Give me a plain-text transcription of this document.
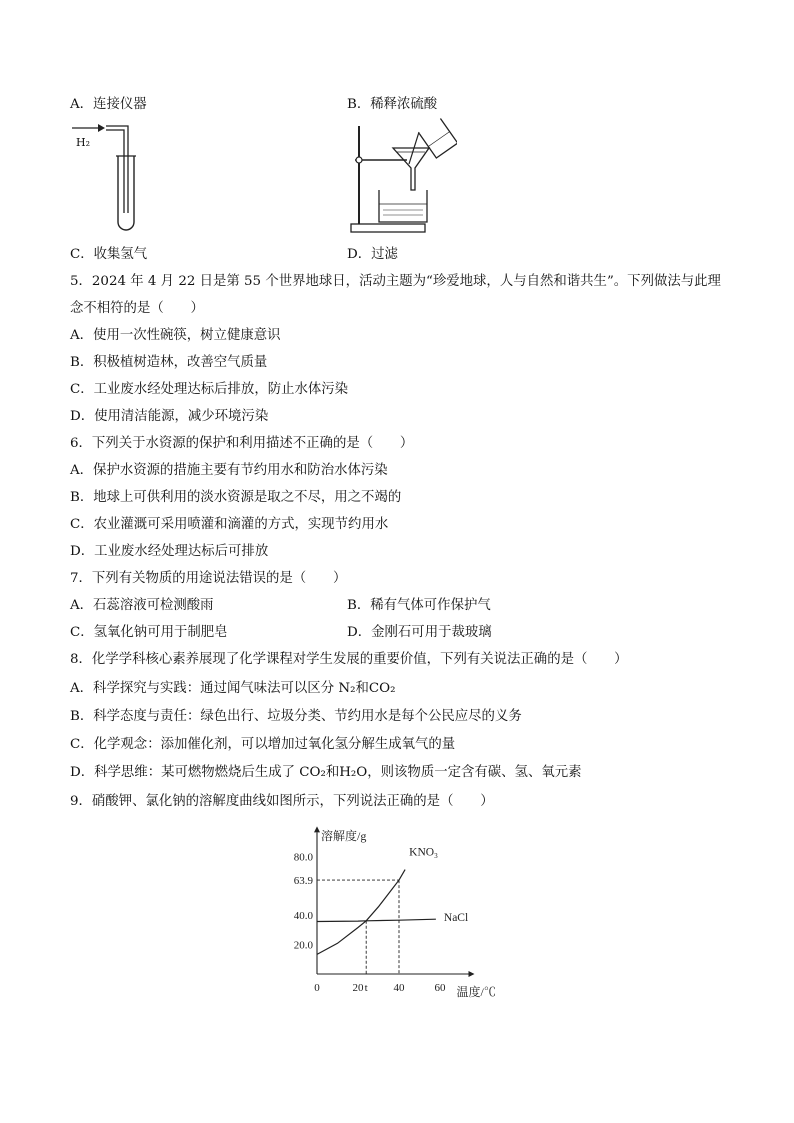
A．连接仪器	B．稀释浓硫酸
H₂
C．收集氢气	D．过滤
5．2024 年 4 月 22 日是第 55 个世界地球日，活动主题为“珍爱地球，人与自然和谐共生”。下列做法与此理
念不相符的是（　　）
A．使用一次性碗筷，树立健康意识
B．积极植树造林，改善空气质量
C．工业废水经处理达标后排放，防止水体污染
D．使用清洁能源，减少环境污染
6．下列关于水资源的保护和利用描述不正确的是（　　）
A．保护水资源的措施主要有节约用水和防治水体污染
B．地球上可供利用的淡水资源是取之不尽，用之不竭的
C．农业灌溉可采用喷灌和滴灌的方式，实现节约用水
D．工业废水经处理达标后可排放
7．下列有关物质的用途说法错误的是（　　）
A．石蕊溶液可检测酸雨	B．稀有气体可作保护气
C．氢氧化钠可用于制肥皂	D．金刚石可用于裁玻璃
8．化学学科核心素养展现了化学课程对学生发展的重要价值，下列有关说法正确的是（　　）
A．科学探究与实践：通过闻气味法可以区分 N₂和CO₂
B．科学态度与责任：绿色出行、垃圾分类、节约用水是每个公民应尽的义务
C．化学观念：添加催化剂，可以增加过氧化氢分解生成氧气的量
D．科学思维：某可燃物燃烧后生成了 CO₂和H₂O，则该物质一定含有碳、氢、氧元素
9．硝酸钾、氯化钠的溶解度曲线如图所示，下列说法正确的是（　　）
溶解度/g
温度/℃
80.0
63.9
40.0
20.0
0	20 t 40	60
KNO₃
NaCl
